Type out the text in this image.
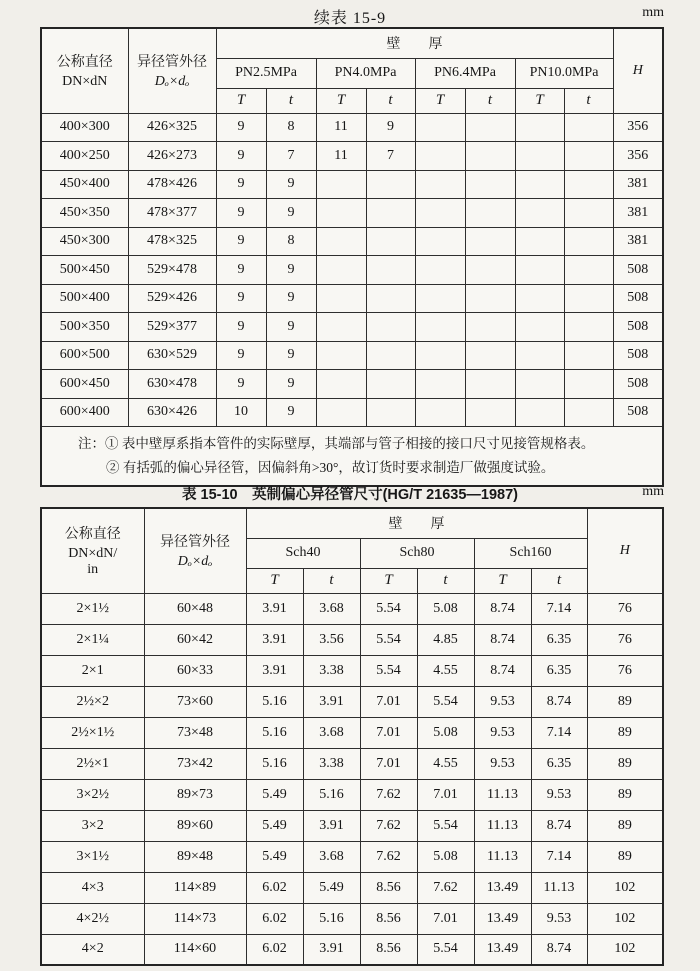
续表 15-9	mm
公称直径
DN×dN

异径管外径
Dₒ×dₒ
	壁　　厚	H
		PN2.5MPa		PN4.0MPa		PN6.4MPa		PN10.0MPa		
		T	t	T	t	T	t	T	t	
400×300	426×325	9	8	11	9					356
400×250	426×273	9	7	11	7					356
450×400	478×426	9	9							381
450×350	478×377	9	9							381
450×300	478×325	9	8							381
500×450	529×478	9	9							508
500×400	529×426	9	9							508
500×350	529×377	9	9							508
600×500	630×529	9	9							508
600×450	630×478	9	9							508
600×400	630×426	10	9							508

注：① 表中壁厚系指本管件的实际壁厚，其端部与管子相接的接口尺寸见接管规格表。
② 有括弧的偏心异径管，因偏斜角>30°，故订货时要求制造厂做强度试验。										
表 15-10　英制偏心异径管尺寸(HG/T 21635—1987)	mm
公称直径
DN×dN/
in

异径管外径
Dₒ×dₒ
	壁　　厚	H
		Sch40		Sch80		Sch160		
		T	t	T	t	T	t	
2×1½	60×48	3.91	3.68	5.54	5.08	8.74	7.14	76
2×1¼	60×42	3.91	3.56	5.54	4.85	8.74	6.35	76
2×1	60×33	3.91	3.38	5.54	4.55	8.74	6.35	76
2½×2	73×60	5.16	3.91	7.01	5.54	9.53	8.74	89
2½×1½	73×48	5.16	3.68	7.01	5.08	9.53	7.14	89
2½×1	73×42	5.16	3.38	7.01	4.55	9.53	6.35	89
3×2½	89×73	5.49	5.16	7.62	7.01	11.13	9.53	89
3×2	89×60	5.49	3.91	7.62	5.54	11.13	8.74	89
3×1½	89×48	5.49	3.68	7.62	5.08	11.13	7.14	89
4×3	114×89	6.02	5.49	8.56	7.62	13.49	11.13	102
4×2½	114×73	6.02	5.16	8.56	7.01	13.49	9.53	102
4×2	114×60	6.02	3.91	8.56	5.54	13.49	8.74	102
